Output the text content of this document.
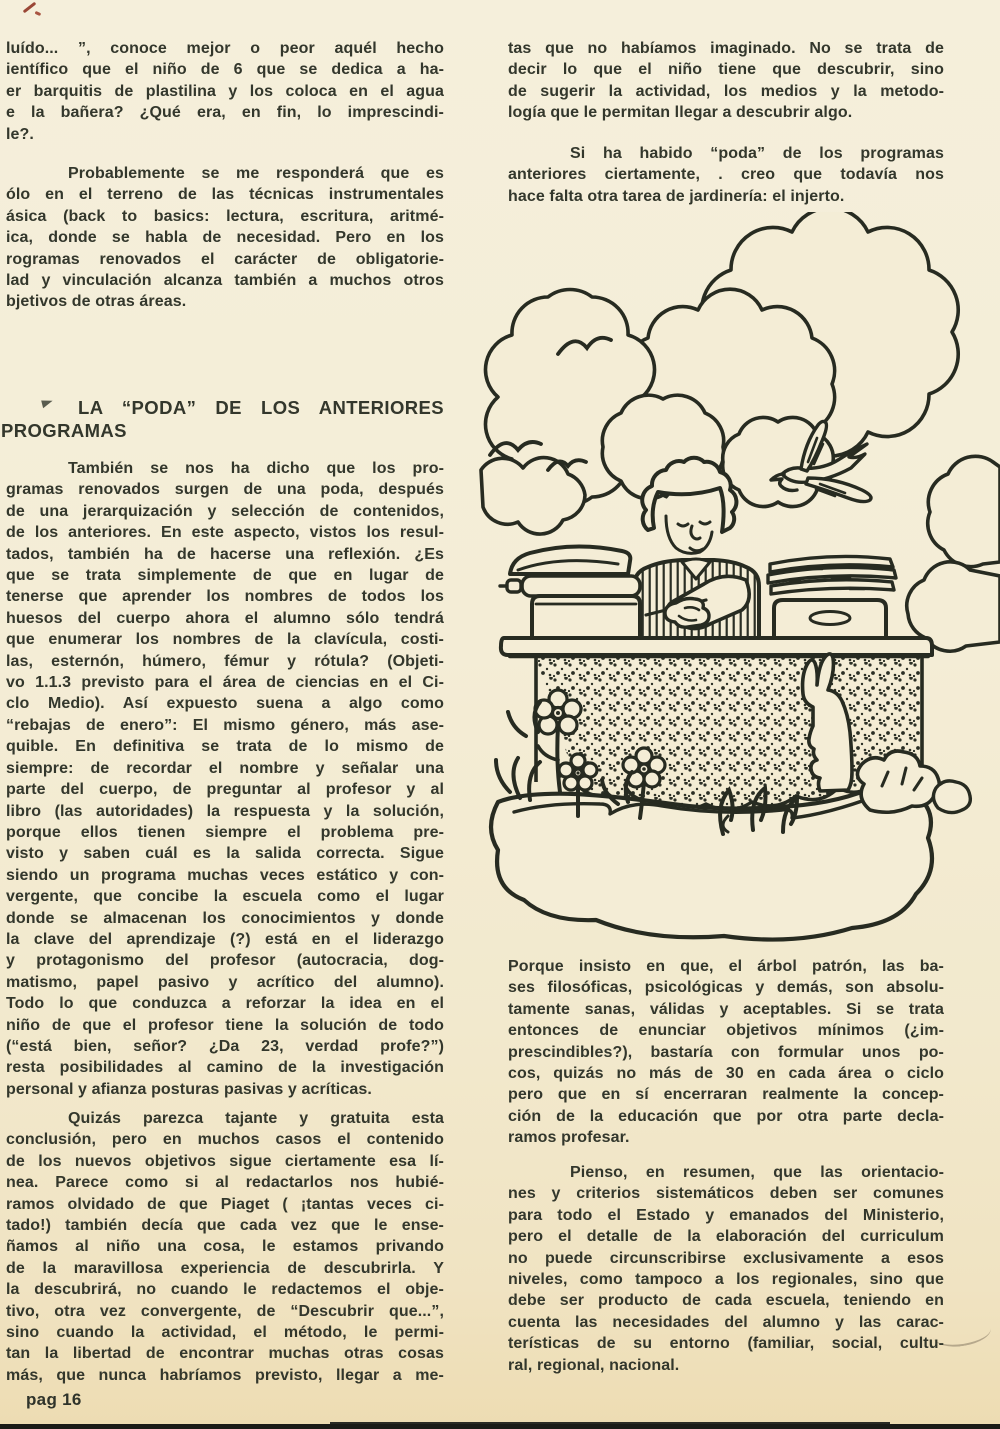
luído... ”, conoce mejor o peor aquél hecho
ientífico que el niño de 6 que se dedica a ha-
er barquitis de plastilina y los coloca en el agua
e la bañera? ¿Qué era, en fin, lo imprescindi-
le?.
Probablemente se me responderá que es
ólo en el terreno de las técnicas instrumentales
ásica (back to basics: lectura, escritura, aritmé-
ica, donde se habla de necesidad. Pero en los
rogramas renovados el carácter de obligatorie-
lad y vinculación alcanza también a muchos otros
bjetivos de otras áreas.
LA “PODA” DE LOS ANTERIORES
PROGRAMAS
También se nos ha dicho que los pro-
gramas renovados surgen de una poda, después
de una jerarquización y selección de contenidos,
de los anteriores. En este aspecto, vistos los resul-
tados, también ha de hacerse una reflexión. ¿Es
que se trata simplemente de que en lugar de
tenerse que aprender los nombres de todos los
huesos del cuerpo ahora el alumno sólo tendrá
que enumerar los nombres de la clavícula, costi-
las, esternón, húmero, fémur y rótula? (Objeti-
vo 1.1.3 previsto para el área de ciencias en el Ci-
clo Medio). Así expuesto suena a algo como
“rebajas de enero”: El mismo género, más ase-
quible. En definitiva se trata de lo mismo de
siempre: de recordar el nombre y señalar una
parte del cuerpo, de preguntar al profesor y al
libro (las autoridades) la respuesta y la solución,
porque ellos tienen siempre el problema pre-
visto y saben cuál es la salida correcta. Sigue
siendo un programa muchas veces estático y con-
vergente, que concibe la escuela como el lugar
donde se almacenan los conocimientos y donde
la clave del aprendizaje (?) está en el liderazgo
y protagonismo del profesor (autocracia, dog-
matismo, papel pasivo y acrítico del alumno).
Todo lo que conduzca a reforzar la idea en el
niño de que el profesor tiene la solución de todo
(“está bien, señor? ¿Da 23, verdad profe?”)
resta posibilidades al camino de la investigación
personal y afianza posturas pasivas y acríticas.
Quizás parezca tajante y gratuita esta
conclusión, pero en muchos casos el contenido
de los nuevos objetivos sigue ciertamente esa lí-
nea. Parece como si al redactarlos nos hubié-
ramos olvidado de que Piaget ( ¡tantas veces ci-
tado!) también decía que cada vez que le ense-
ñamos al niño una cosa, le estamos privando
de la maravillosa experiencia de descubrirla. Y
la descubrirá, no cuando le redactemos el obje-
tivo, otra vez convergente, de “Descubrir que...”,
sino cuando la actividad, el método, le permi-
tan la libertad de encontrar muchas otras cosas
más, que nunca habríamos previsto, llegar a me-
tas que no habíamos imaginado. No se trata de
decir lo que el niño tiene que descubrir, sino
de sugerir la actividad, los medios y la metodo-
logía que le permitan llegar a descubrir algo.
Si ha habido “poda” de los programas
anteriores ciertamente, . creo que todavía nos
hace falta otra tarea de jardinería: el injerto.
Porque insisto en que, el árbol patrón, las ba-
ses filosóficas, psicológicas y demás, son absolu-
tamente sanas, válidas y aceptables. Si se trata
entonces de enunciar objetivos mínimos (¿im-
prescindibles?), bastaría con formular unos po-
cos, quizás no más de 30 en cada área o ciclo
pero que en sí encerraran realmente la concep-
ción de la educación que por otra parte decla-
ramos profesar.
Pienso, en resumen, que las orientacio-
nes y criterios sistemáticos deben ser comunes
para todo el Estado y emanados del Ministerio,
pero el detalle de la elaboración del curriculum
no puede circunscribirse exclusivamente a esos
niveles, como tampoco a los regionales, sino que
debe ser producto de cada escuela, teniendo en
cuenta las necesidades del alumno y las carac-
terísticas de su entorno (familiar, social, cultu-
ral, regional, nacional.
pag 16
